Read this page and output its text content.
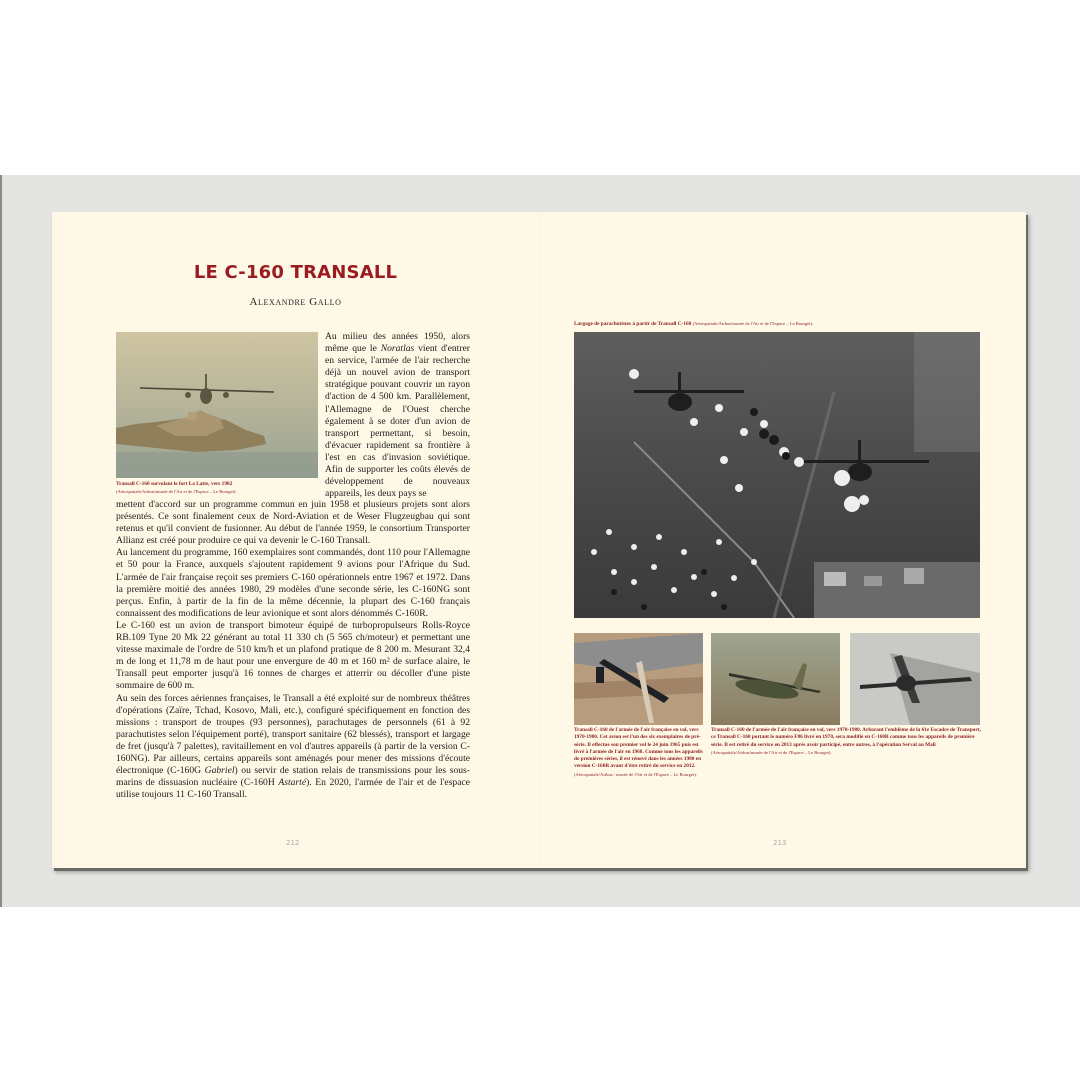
LE C-160 TRANSALL
Alexandre Gallo
Transall C-160 survolant le fort La Latte, vers 1982
(Aérospatiale/Airbus/musée de l'Air et de l'Espace – Le Bourget).

Au milieu des années 1950, alors même que le Noratlas vient d'entrer en service, l'armée de l'air recherche déjà un nouvel avion de transport stratégique pouvant couvrir un rayon d'action de 4 500 km. Parallèlement, l'Allemagne de l'Ouest cherche également à se doter d'un avion de transport permettant, si besoin, d'évacuer rapidement sa frontière à l'est en cas d'invasion soviétique. Afin de supporter les coûts élevés de développement de nouveaux appareils, les deux pays se

mettent d'accord sur un programme commun en juin 1958 et plusieurs projets sont alors présentés. Ce sont finalement ceux de Nord-Aviation et de Weser Flugzeugbau qui sont retenus et qu'il convient de fusionner. Au début de l'année 1959, le consortium Transporter Allianz est créé pour produire ce qui va devenir le C-160 Transall.

Au lancement du programme, 160 exemplaires sont commandés, dont 110 pour l'Allemagne et 50 pour la France, auxquels s'ajoutent rapidement 9 avions pour l'Afrique du Sud. L'armée de l'air française reçoit ses premiers C-160 opérationnels entre 1967 et 1972. Dans la première moitié des années 1980, 29 modèles d'une seconde série, les C-160NG sont perçus. Enfin, à partir de la fin de la même décennie, la plupart des C-160 français connaissent des modifications de leur avionique et sont alors dénommés C-160R.

Le C-160 est un avion de transport bimoteur équipé de turbopropulseurs Rolls-Royce RB.109 Tyne 20 Mk 22 générant au total 11 330 ch (5 565 ch/moteur) et permettant une vitesse maximale de l'ordre de 510 km/h et un plafond pratique de 8 200 m. Mesurant 32,4 m de long et 11,78 m de haut pour une envergure de 40 m et 160 m² de surface alaire, le Transall peut emporter jusqu'à 16 tonnes de charges et atterrir ou décoller d'une piste sommaire de 600 m.

Au sein des forces aériennes françaises, le Transall a été exploité sur de nombreux théâtres d'opérations (Zaïre, Tchad, Kosovo, Mali, etc.), configuré spécifiquement en fonction des missions : transport de troupes (93 personnes), parachutages de personnels (61 à 92 parachutistes selon l'équipement porté), transport sanitaire (62 blessés), transport et largage de fret (jusqu'à 7 palettes), ravitaillement en vol d'autres appareils (à partir de la version C-160NG). Par ailleurs, certains appareils sont aménagés pour mener des missions d'écoute électronique (C-160G Gabriel) ou servir de station relais de transmissions pour les sous-marins de dissuasion nucléaire (C-160H Astarté). En 2020, l'armée de l'air et de l'espace utilise toujours 11 C-160 Transall.

212
Largage de parachutistes à partir de Transall C-160 (Aérospatiale/Airbus/musée de l'Air et de l'Espace – Le Bourget).
Transall C-160 de l'armée de l'air française en vol, vers 1970-1980. Cet avion est l'un des six exemplaires de pré-série. Il effectue son premier vol le 24 juin 1965 puis est livré à l'armée de l'air en 1968. Comme tous les appareils de premières séries, il est rénové dans les années 1980 en version C-160R avant d'être retiré du service en 2012. (Aérospatiale/Airbus / musée de l'Air et de l'Espace – Le Bourget).
Transall C-160 de l'armée de l'air française en vol, vers 1970-1980. Arborant l'emblème de la 61e Escadre de Transport, ce Transall C-160 portant le numéro F86 livré en 1970, sera modifié en C-160R comme tous les appareils de première série. Il est retiré du service en 2013 après avoir participé, entre autres, à l'opération Serval au Mali (Aérospatiale/Airbus/musée de l'Air et de l'Espace – Le Bourget).
213
